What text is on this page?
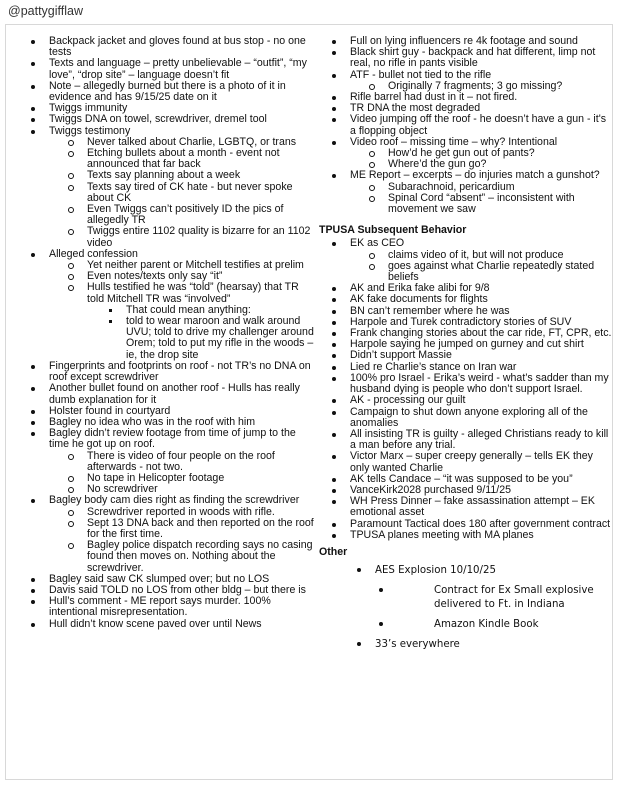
@pattygifflaw
Backpack jacket and gloves found at bus stop - no one tests
Texts and language – pretty unbelievable – “outfit”, “my love”, “drop site” – language doesn’t fit
Note – allegedly burned but there is a photo of it in evidence and has 9/15/25 date on it
Twiggs immunity
Twiggs DNA on towel, screwdriver, dremel tool
Twiggs testimony
Never talked about Charlie, LGBTQ, or trans
Etching bullets about a month - event not announced that far back
Texts say planning about a week
Texts say tired of CK hate - but never spoke about CK
Even Twiggs can’t positively ID the pics of allegedly TR
Twiggs entire 1102 quality is bizarre for an 1102 video
Alleged confession
Yet neither parent or Mitchell testifies at prelim
Even notes/texts only say “it”
Hulls testified he was “told” (hearsay) that TR told Mitchell TR was “involved”
That could mean anything:
told to wear maroon and walk around UVU; told to drive my challenger around Orem; told to put my rifle in the woods – ie, the drop site
Fingerprints and footprints on roof - not TR’s no DNA on roof except screwdriver
Another bullet found on another roof - Hulls has really dumb explanation for it
Holster found in courtyard
Bagley no idea who was in the roof with him
Bagley didn’t review footage from time of jump to the time he got up on roof.
There is video of four people on the roof afterwards - not two.
No tape in Helicopter footage
No screwdriver
Bagley body cam dies right as finding the screwdriver
Screwdriver reported in woods with rifle.
Sept 13 DNA back and then reported on the roof for the first time.
Bagley police dispatch recording says no casing found then moves on. Nothing about the screwdriver.
Bagley said saw CK slumped over; but no LOS
Davis said TOLD no LOS from other bldg – but there is
Hull’s comment - ME report says murder. 100% intentional misrepresentation.
Hull didn’t know scene paved over until News
Full on lying influencers re 4k footage and sound
Black shirt guy - backpack and hat different, limp not real, no rifle in pants visible
ATF - bullet not tied to the rifle
Originally 7 fragments; 3 go missing?
Rifle barrel had dust in it – not fired.
TR DNA the most degraded
Video jumping off the roof - he doesn’t have a gun - it's a flopping object
Video roof – missing time – why? Intentional
How’d he get gun out of pants?
Where’d the gun go?
ME Report – excerpts – do injuries match a gunshot?
Subarachnoid, pericardium
Spinal Cord “absent” – inconsistent with movement we saw
TPUSA Subsequent Behavior
EK as CEO
claims video of it, but will not produce
goes against what Charlie repeatedly stated beliefs
AK and Erika fake alibi for 9/8
AK fake documents for flights
BN can’t remember where he was
Harpole and Turek contradictory stories of SUV
Frank changing stories about the car ride, FT, CPR, etc.
Harpole saying he jumped on gurney and cut shirt
Didn’t support Massie
Lied re Charlie’s stance on Iran war
100% pro Israel - Erika’s weird - what’s sadder than my husband dying is people who don’t support Israel.
AK - processing our guilt
Campaign to shut down anyone exploring all of the anomalies
All insisting TR is guilty - alleged Christians ready to kill a man before any trial.
Victor Marx – super creepy generally – tells EK they only wanted Charlie
AK tells Candace – “it was supposed to be you”
VanceKirk2028 purchased 9/11/25
WH Press Dinner – fake assassination attempt – EK emotional asset
Paramount Tactical does 180 after government contract
TPUSA planes meeting with MA planes
Other
AES Explosion 10/10/25
Contract for Ex Small explosive delivered to Ft. in Indiana
Amazon Kindle Book
33’s everywhere
